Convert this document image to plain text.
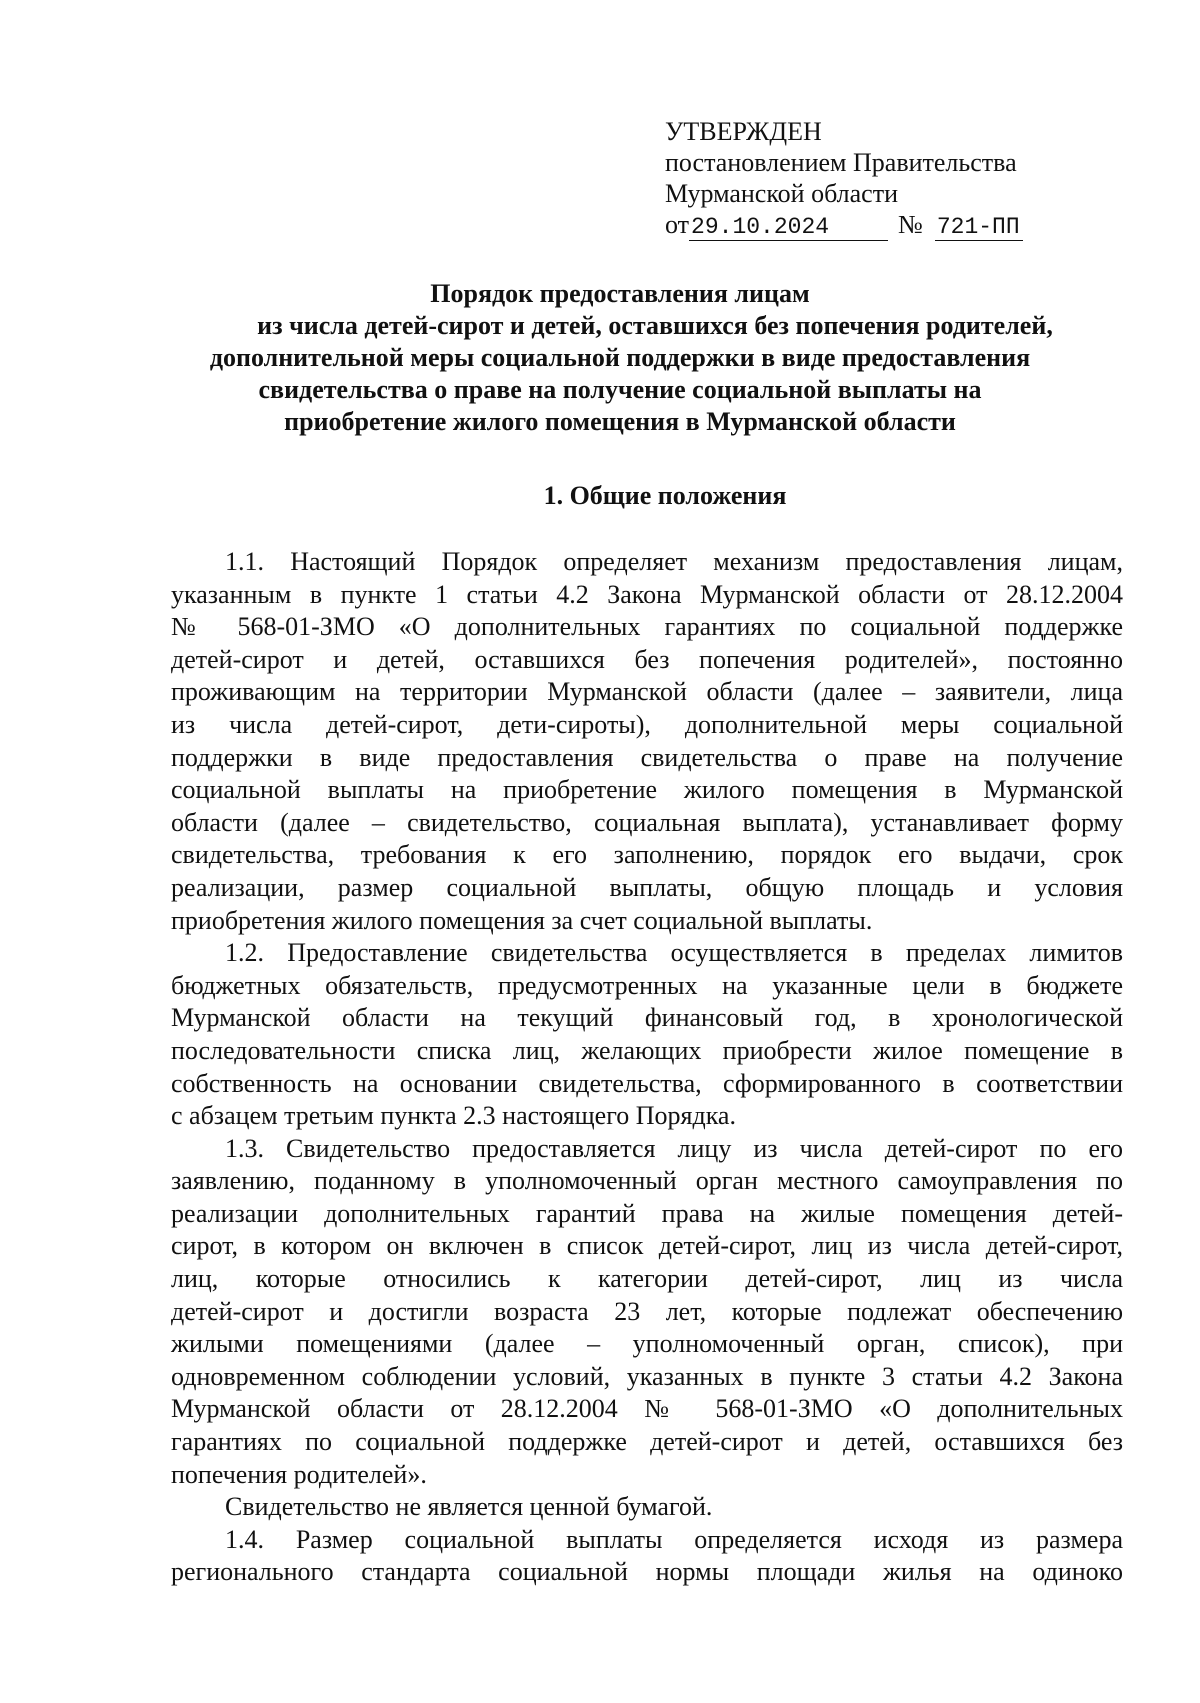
УТВЕРЖДЕН
постановлением Правительства
Мурманской области
от 29.10.2024	№ 721-ПП
Порядок предоставления лицам
из числа детей-сирот и детей, оставшихся без попечения родителей,
дополнительной меры социальной поддержки в виде предоставления
свидетельства о праве на получение социальной выплаты на
приобретение жилого помещения в Мурманской области
1. Общие положения
1.1. Настоящий Порядок определяет механизм предоставления лицам,
указанным в пункте 1 статьи 4.2 Закона Мурманской области от 28.12.2004
№ 568-01-ЗМО «О дополнительных гарантиях по социальной поддержке
детей-сирот и детей, оставшихся без попечения родителей», постоянно
проживающим на территории Мурманской области (далее – заявители, лица
из числа детей-сирот, дети-сироты), дополнительной меры социальной
поддержки в виде предоставления свидетельства о праве на получение
социальной выплаты на приобретение жилого помещения в Мурманской
области (далее – свидетельство, социальная выплата), устанавливает форму
свидетельства, требования к его заполнению, порядок его выдачи, срок
реализации, размер социальной выплаты, общую площадь и условия
приобретения жилого помещения за счет социальной выплаты.
1.2. Предоставление свидетельства осуществляется в пределах лимитов
бюджетных обязательств, предусмотренных на указанные цели в бюджете
Мурманской области на текущий финансовый год, в хронологической
последовательности списка лиц, желающих приобрести жилое помещение в
собственность на основании свидетельства, сформированного в соответствии
с абзацем третьим пункта 2.3 настоящего Порядка.
1.3. Свидетельство предоставляется лицу из числа детей-сирот по его
заявлению, поданному в уполномоченный орган местного самоуправления по
реализации дополнительных гарантий права на жилые помещения детей-
сирот, в котором он включен в список детей-сирот, лиц из числа детей-сирот,
лиц, которые относились к категории детей-сирот, лиц из числа
детей-сирот и достигли возраста 23 лет, которые подлежат обеспечению
жилыми помещениями (далее – уполномоченный орган, список), при
одновременном соблюдении условий, указанных в пункте 3 статьи 4.2 Закона
Мурманской области от 28.12.2004 № 568-01-ЗМО «О дополнительных
гарантиях по социальной поддержке детей-сирот и детей, оставшихся без
попечения родителей».
Свидетельство не является ценной бумагой.
1.4. Размер социальной выплаты определяется исходя из размера
регионального стандарта социальной нормы площади жилья на одиноко
